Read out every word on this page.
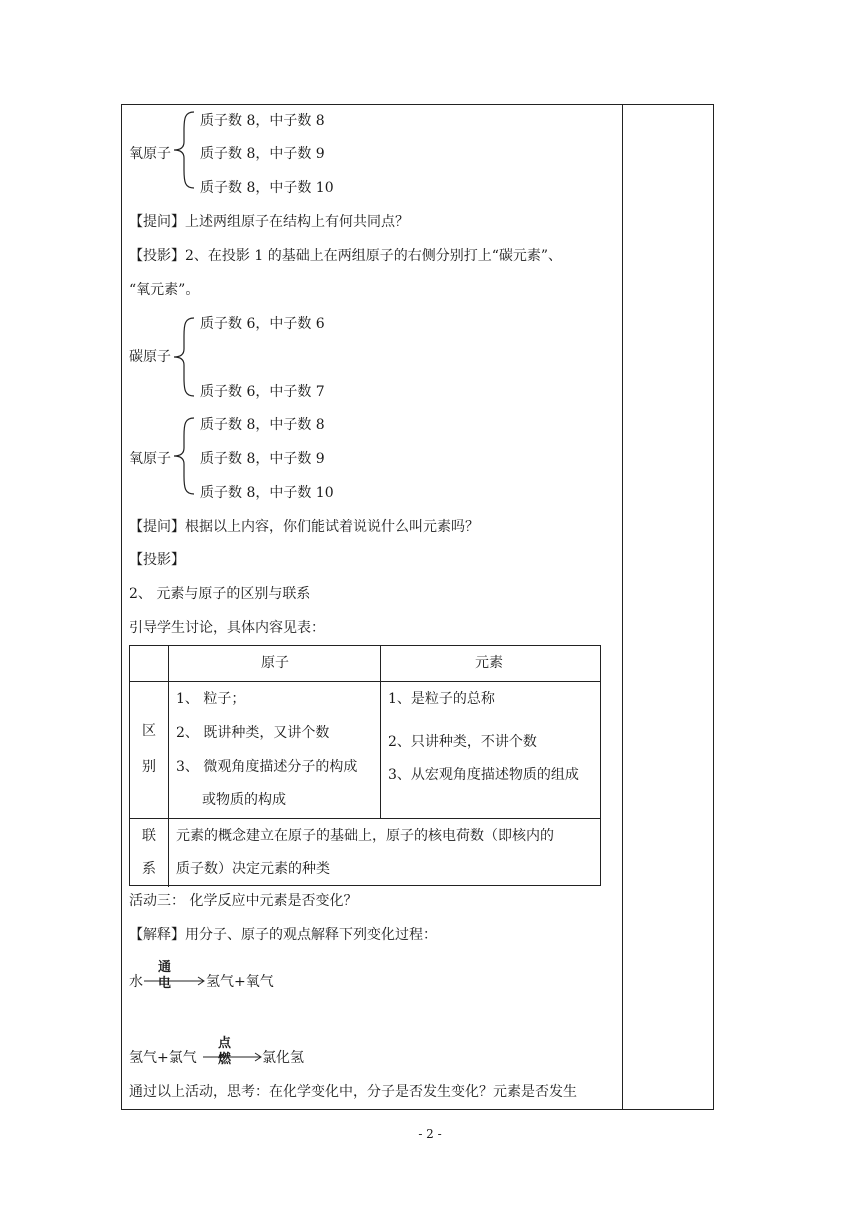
氧原子
质子数 8，中子数 8
质子数 8，中子数 9
质子数 8，中子数 10
【提问】上述两组原子在结构上有何共同点？
【投影】2、在投影 1 的基础上在两组原子的右侧分别打上“碳元素”、
“氧元素”。
碳原子
质子数 6，中子数 6
质子数 6，中子数 7
氧原子
质子数 8，中子数 8
质子数 8，中子数 9
质子数 8，中子数 10
【提问】根据以上内容，你们能试着说说什么叫元素吗？
【投影】
2、 元素与原子的区别与联系
引导学生讨论，具体内容见表：
原子	元素
区
别
1、 粒子；
2、 既讲种类，又讲个数
3、 微观角度描述分子的构成
或物质的构成
1、是粒子的总称
2、只讲种类，不讲个数
3、从宏观角度描述物质的组成
联
系
元素的概念建立在原子的基础上，原子的核电荷数（即核内的
质子数）决定元素的种类
活动三： 化学反应中元素是否变化？
【解释】用分子、原子的观点解释下列变化过程：
水
通电 氢气+氧气
氢气+氯气
点燃 氯化氢
通过以上活动，思考：在化学变化中，分子是否发生变化？元素是否发生
- 2 -
